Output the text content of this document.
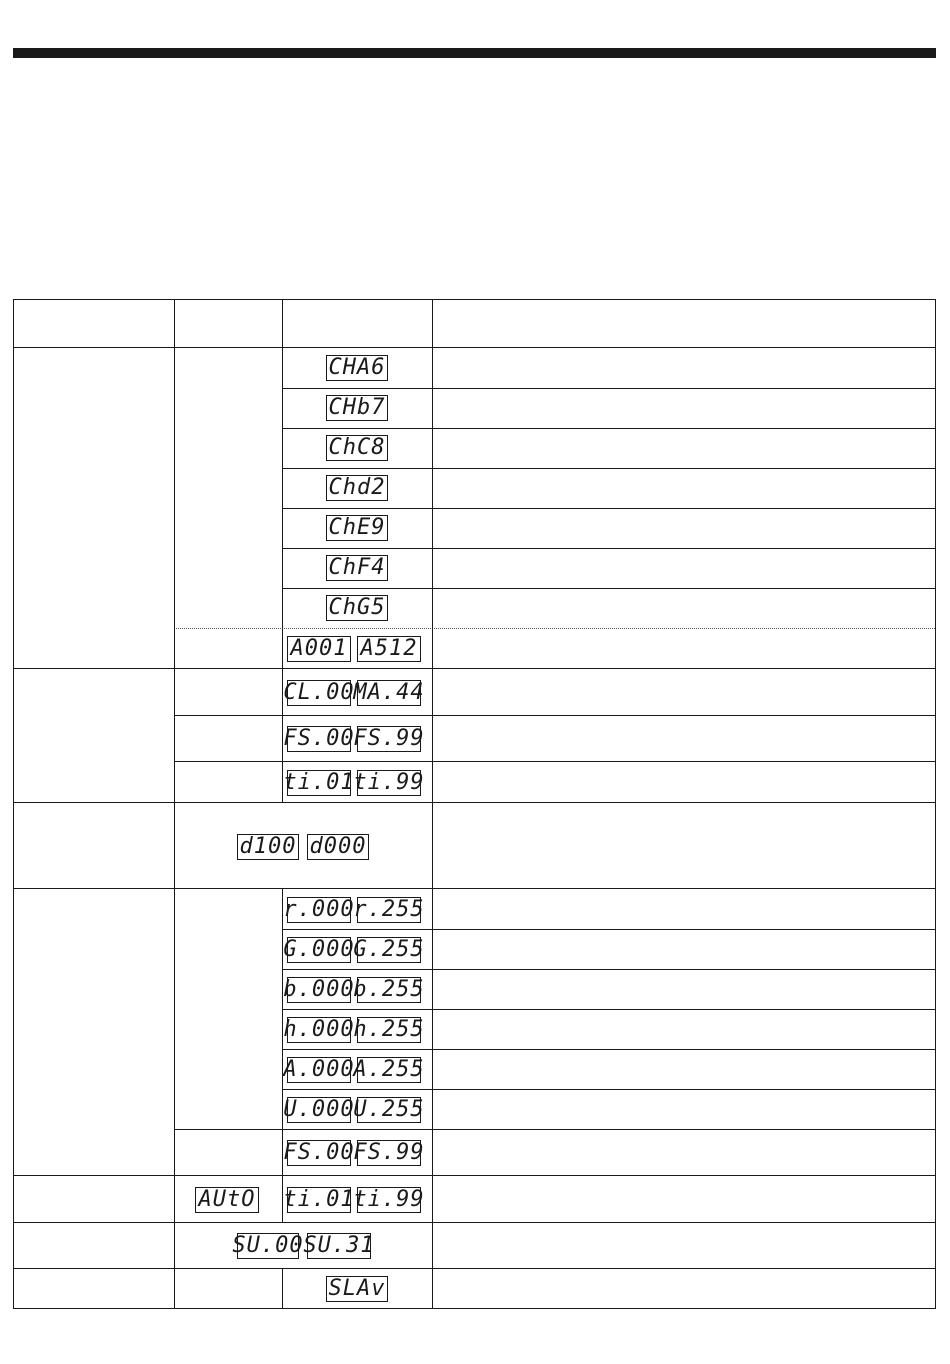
CHA6
CHb7
ChC8
Chd2
ChE9
ChF4
ChG5
A001 A512
CL.00
MA.44
FS.00
FS.99
ti.01
ti.99
d100 d000
r.000
r.255
G.000
G.255
b.000
b.255
h.000
h.255
A.000
A.255
U.000
U.255
FS.00
FS.99
AUtO ti.01
ti.99
SU.00 SU.31
SLAv
